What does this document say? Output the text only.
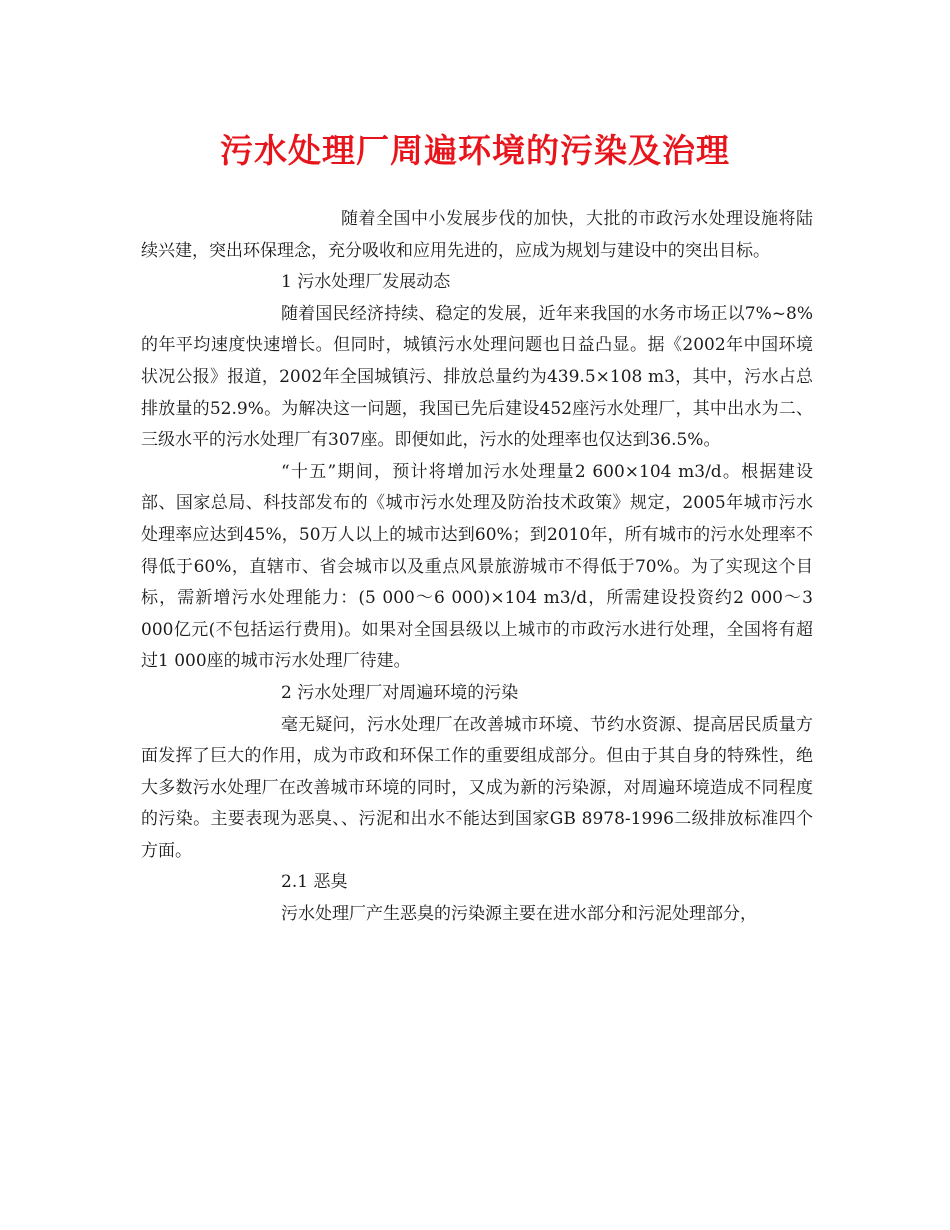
污水处理厂周遍环境的污染及治理

随着全国中小发展步伐的加快，大批的市政污水处理设施将陆续兴建，突出环保理念，充分吸收和应用先进的，应成为规划与建设中的突出目标。

1 污水处理厂发展动态

随着国民经济持续、稳定的发展，近年来我国的水务市场正以7%~8%的年平均速度快速增长。但同时，城镇污水处理问题也日益凸显。据《2002年中国环境状况公报》报道，2002年全国城镇污、排放总量约为439.5×108 m3，其中，污水占总排放量的52.9%。为解决这一问题，我国已先后建设452座污水处理厂，其中出水为二、三级水平的污水处理厂有307座。即便如此，污水的处理率也仅达到36.5%。

“十五”期间，预计将增加污水处理量2 600×104 m3/d。根据建设部、国家总局、科技部发布的《城市污水处理及防治技术政策》规定，2005年城市污水处理率应达到45%，50万人以上的城市达到60%；到2010年，所有城市的污水处理率不得低于60%，直辖市、省会城市以及重点风景旅游城市不得低于70%。为了实现这个目标，需新增污水处理能力：(5 000～6 000)×104 m3/d，所需建设投资约2 000～3 000亿元(不包括运行费用)。如果对全国县级以上城市的市政污水进行处理，全国将有超过1 000座的城市污水处理厂待建。

2 污水处理厂对周遍环境的污染

毫无疑问，污水处理厂在改善城市环境、节约水资源、提高居民质量方面发挥了巨大的作用，成为市政和环保工作的重要组成部分。但由于其自身的特殊性，绝大多数污水处理厂在改善城市环境的同时，又成为新的污染源，对周遍环境造成不同程度的污染。主要表现为恶臭、、污泥和出水不能达到国家GB 8978-1996二级排放标准四个方面。

2.1 恶臭

污水处理厂产生恶臭的污染源主要在进水部分和污泥处理部分，
